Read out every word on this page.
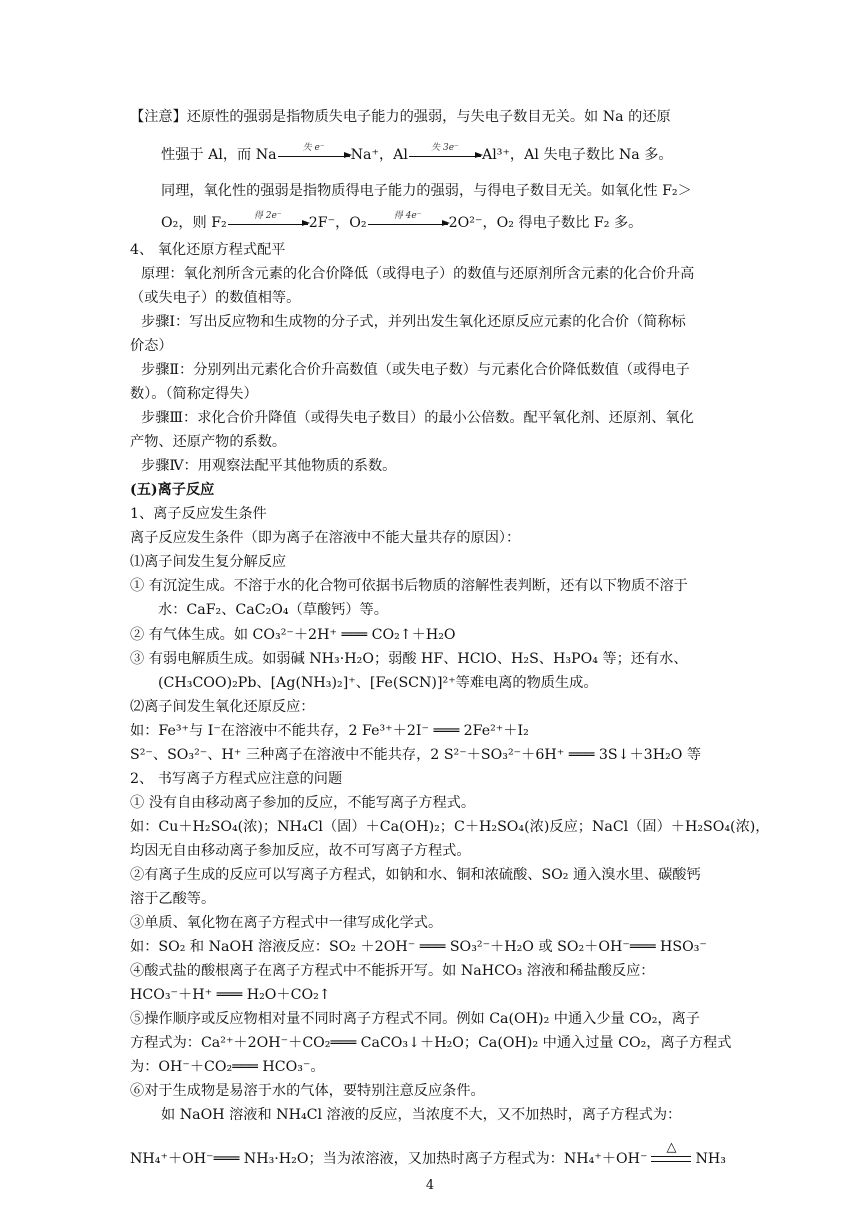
【注意】还原性的强弱是指物质失电子能力的强弱，与失电子数目无关。如 Na 的还原
性强于 Al，而 Na	失 e⁻	Na⁺，Al	失 3e⁻	Al³⁺，Al 失电子数比 Na 多。
同理，氧化性的强弱是指物质得电子能力的强弱，与得电子数目无关。如氧化性 F₂＞
O₂，则 F₂	得 2e⁻	2F⁻，O₂	得 4e⁻	2O²⁻，O₂ 得电子数比 F₂ 多。
4、 氧化还原方程式配平
原理：氧化剂所含元素的化合价降低（或得电子）的数值与还原剂所含元素的化合价升高
（或失电子）的数值相等。
步骤Ⅰ：写出反应物和生成物的分子式，并列出发生氧化还原反应元素的化合价（简称标
价态）
步骤Ⅱ：分别列出元素化合价升高数值（或失电子数）与元素化合价降低数值（或得电子
数）。（简称定得失）
步骤Ⅲ：求化合价升降值（或得失电子数目）的最小公倍数。配平氧化剂、还原剂、氧化
产物、还原产物的系数。
步骤Ⅳ：用观察法配平其他物质的系数。
(五)离子反应
1、离子反应发生条件
离子反应发生条件（即为离子在溶液中不能大量共存的原因）：
⑴离子间发生复分解反应
① 有沉淀生成。不溶于水的化合物可依据书后物质的溶解性表判断，还有以下物质不溶于
水：CaF₂、CaC₂O₄（草酸钙）等。
② 有气体生成。如 CO₃²⁻＋2H⁺ ═══ CO₂↑＋H₂O
③ 有弱电解质生成。如弱碱 NH₃·H₂O；弱酸 HF、HClO、H₂S、H₃PO₄ 等；还有水、
(CH₃COO)₂Pb、[Ag(NH₃)₂]⁺、[Fe(SCN)]²⁺等难电离的物质生成。
⑵离子间发生氧化还原反应：
如：Fe³⁺与 I⁻在溶液中不能共存，2 Fe³⁺＋2I⁻ ═══ 2Fe²⁺＋I₂
S²⁻、SO₃²⁻、H⁺ 三种离子在溶液中不能共存，2 S²⁻＋SO₃²⁻＋6H⁺ ═══ 3S↓＋3H₂O 等
2、 书写离子方程式应注意的问题
① 没有自由移动离子参加的反应，不能写离子方程式。
如：Cu＋H₂SO₄(浓)；NH₄Cl（固）＋Ca(OH)₂；C＋H₂SO₄(浓)反应；NaCl（固）＋H₂SO₄(浓)，
均因无自由移动离子参加反应，故不可写离子方程式。
②有离子生成的反应可以写离子方程式，如钠和水、铜和浓硫酸、SO₂ 通入溴水里、碳酸钙
溶于乙酸等。
③单质、氧化物在离子方程式中一律写成化学式。
如：SO₂ 和 NaOH 溶液反应：SO₂ ＋2OH⁻ ═══ SO₃²⁻＋H₂O 或 SO₂＋OH⁻═══ HSO₃⁻
④酸式盐的酸根离子在离子方程式中不能拆开写。如 NaHCO₃ 溶液和稀盐酸反应：
HCO₃⁻＋H⁺ ═══ H₂O＋CO₂↑
⑤操作顺序或反应物相对量不同时离子方程式不同。例如 Ca(OH)₂ 中通入少量 CO₂，离子
方程式为：Ca²⁺＋2OH⁻＋CO₂═══ CaCO₃↓＋H₂O；Ca(OH)₂ 中通入过量 CO₂，离子方程式
为：OH⁻＋CO₂═══ HCO₃⁻。
⑥对于生成物是易溶于水的气体，要特别注意反应条件。
如 NaOH 溶液和 NH₄Cl 溶液的反应，当浓度不大，又不加热时，离子方程式为：
NH₄⁺＋OH⁻═══ NH₃·H₂O；当为浓溶液，又加热时离子方程式为：NH₄⁺＋OH⁻
△
NH₃
4
